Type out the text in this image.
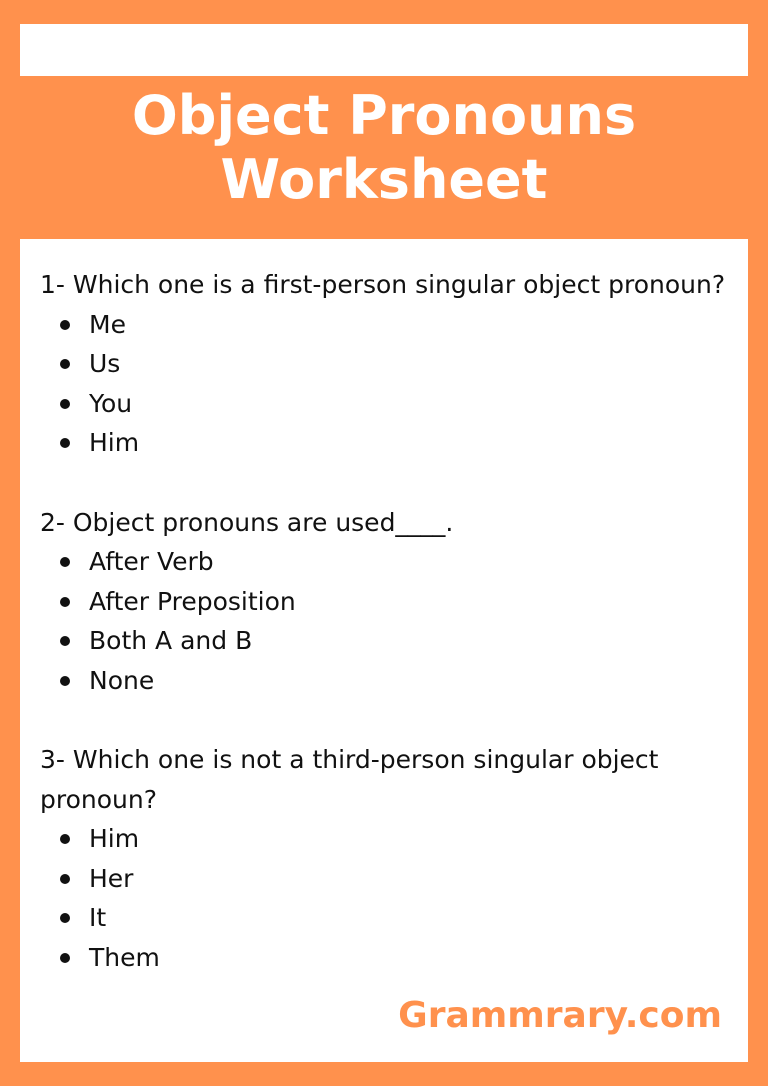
Object Pronouns
Worksheet

1- Which one is a first-person singular object pronoun?

Me
Us
You
Him

2- Object pronouns are used____.

After Verb
After Preposition
Both A and B
None

3- Which one is not a third-person singular object pronoun?

Him
Her
It
Them
Grammrary.com
